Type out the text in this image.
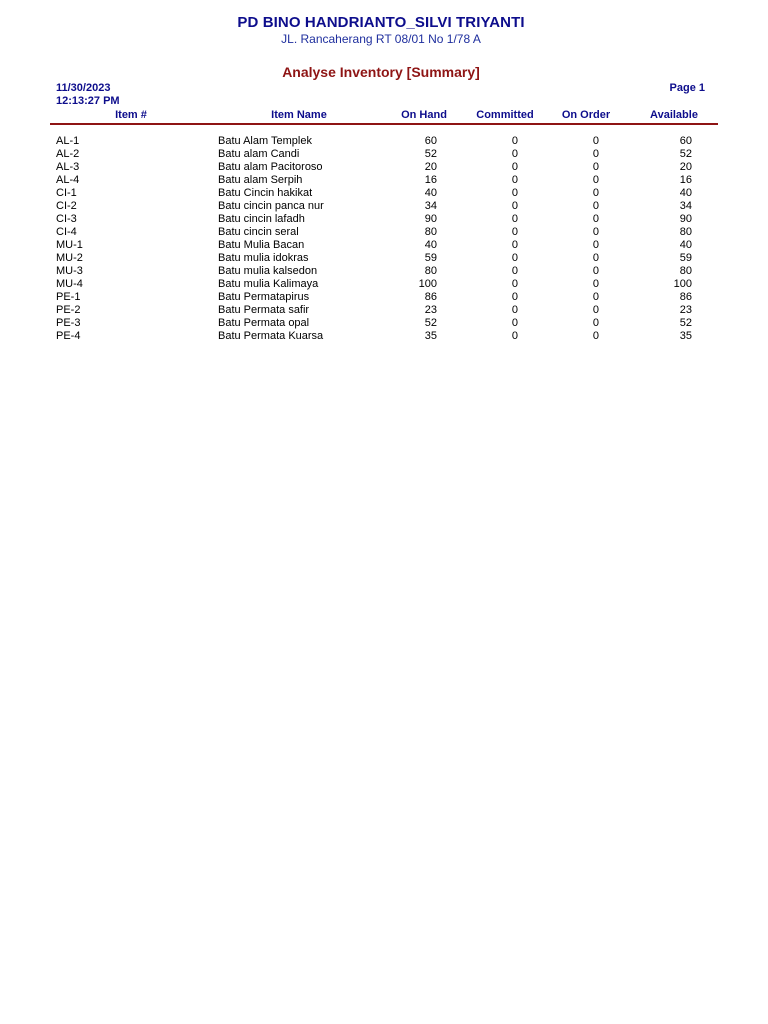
PD BINO HANDRIANTO_SILVI TRIYANTI
JL. Rancaherang RT 08/01 No 1/78 A
Analyse Inventory [Summary]
11/30/2023
12:13:27 PM
Page 1
Item #	Item Name	On Hand	Committed	On Order	Available
AL-1	Batu Alam Templek	60	0	0	60
AL-2	Batu alam Candi	52	0	0	52
AL-3	Batu alam Pacitoroso	20	0	0	20
AL-4	Batu alam Serpih	16	0	0	16
CI-1	Batu Cincin hakikat	40	0	0	40
CI-2	Batu cincin panca nur	34	0	0	34
CI-3	Batu cincin lafadh	90	0	0	90
CI-4	Batu cincin seral	80	0	0	80
MU-1	Batu Mulia Bacan	40	0	0	40
MU-2	Batu mulia idokras	59	0	0	59
MU-3	Batu mulia kalsedon	80	0	0	80
MU-4	Batu mulia Kalimaya	100	0	0	100
PE-1	Batu Permatapirus	86	0	0	86
PE-2	Batu Permata safir	23	0	0	23
PE-3	Batu Permata opal	52	0	0	52
PE-4	Batu Permata Kuarsa	35	0	0	35
